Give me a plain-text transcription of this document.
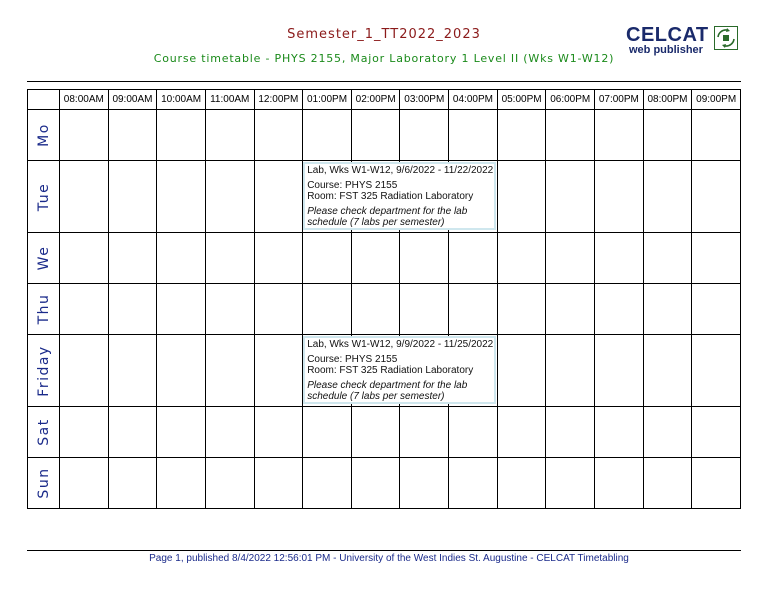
Semester_1_TT2022_2023
Course timetable - PHYS 2155, Major Laboratory 1 Level II (Wks W1-W12)
CELCAT
web publisher
	08:00AM	09:00AM	10:00AM	11:00AM	12:00PM	01:00PM	02:00PM	03:00PM	04:00PM	05:00PM	06:00PM	07:00PM	08:00PM	09:00PM

Mo														

Tue						Lab, Wks W1-W12, 9/6/2022 - 11/22/2022
Course: PHYS 2155
Room: FST 325 Radiation Laboratory
Please check department for the lab schedule (7 labs per semester)								

We														

Thu														

Friday						Lab, Wks W1-W12, 9/9/2022 - 11/25/2022
Course: PHYS 2155
Room: FST 325 Radiation Laboratory
Please check department for the lab schedule (7 labs per semester)								

Sat														

Sun														

Page 1, published 8/4/2022 12:56:01 PM - University of the West Indies St. Augustine - CELCAT Timetabling
